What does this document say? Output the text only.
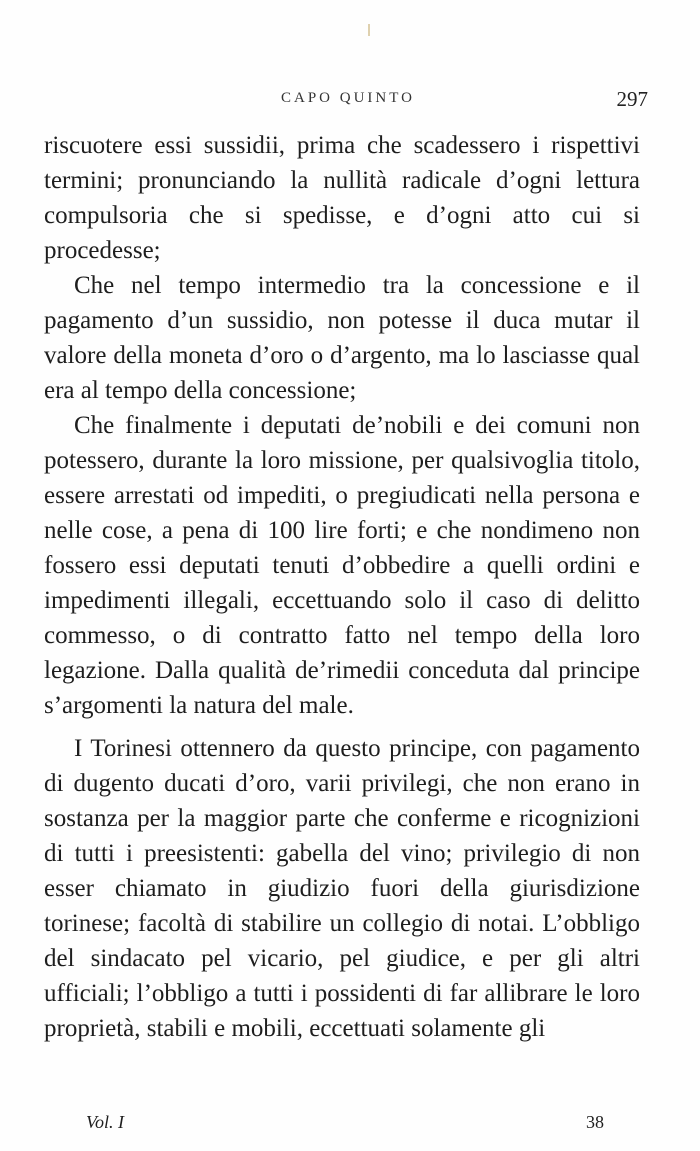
CAPO QUINTO	297

riscuotere essi sussidii, prima che scadessero i rispettivi termini; pronunciando la nullità radicale d’ogni lettura compulsoria che si spedisse, e d’ogni atto cui si procedesse;

Che nel tempo intermedio tra la concessione e il pagamento d’un sussidio, non potesse il duca mutar il valore della moneta d’oro o d’argento, ma lo lasciasse qual era al tempo della concessione;

Che finalmente i deputati de’nobili e dei comuni non potessero, durante la loro missione, per qualsivoglia titolo, essere arrestati od impediti, o pregiudicati nella persona e nelle cose, a pena di 100 lire forti; e che nondimeno non fossero essi deputati tenuti d’obbedire a quelli ordini e impedimenti illegali, eccettuando solo il caso di delitto commesso, o di contratto fatto nel tempo della loro legazione. Dalla qualità de’rimedii conceduta dal principe s’argomenti la natura del male.

I Torinesi ottennero da questo principe, con pagamento di dugento ducati d’oro, varii privilegi, che non erano in sostanza per la maggior parte che conferme e ricognizioni di tutti i preesistenti: gabella del vino; privilegio di non esser chiamato in giudizio fuori della giurisdizione torinese; facoltà di stabilire un collegio di notai. L’obbligo del sindacato pel vicario, pel giudice, e per gli altri ufficiali; l’obbligo a tutti i possidenti di far allibrare le loro proprietà, stabili e mobili, eccettuati solamente gli

Vol. I	38
